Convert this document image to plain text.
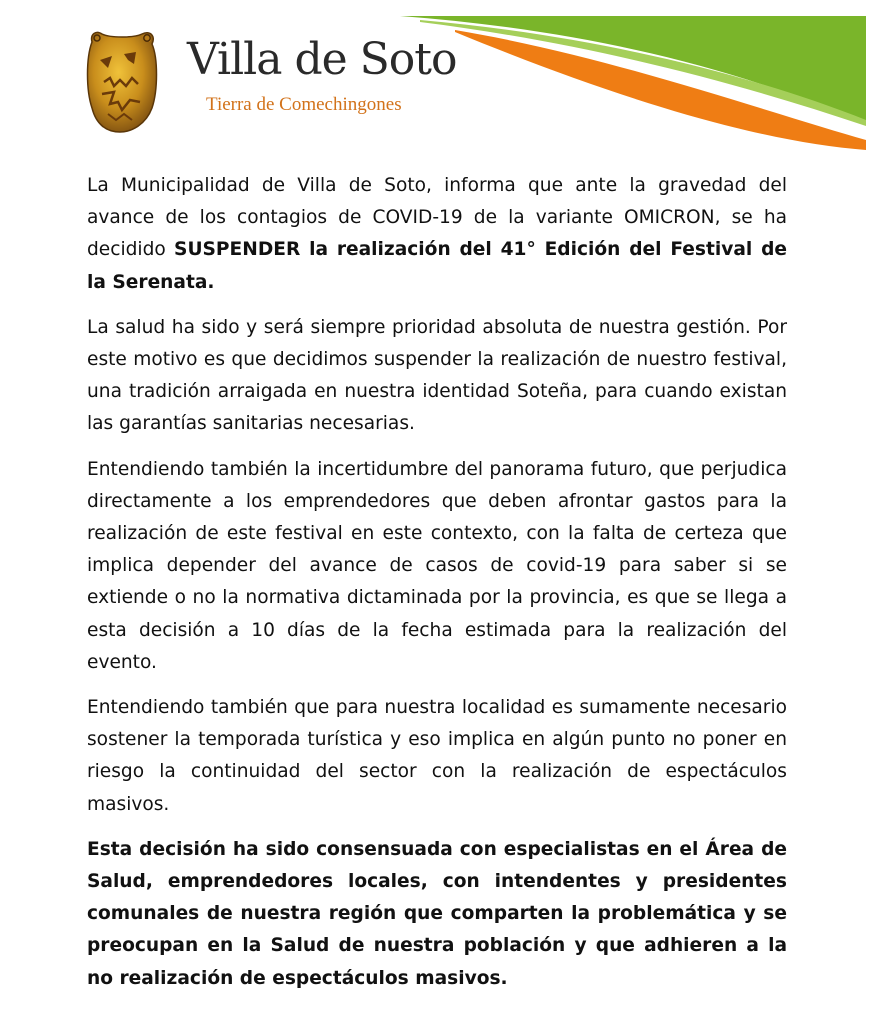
Villa de Soto
Tierra de Comechingones

La Municipalidad de Villa de Soto, informa que ante la gravedad del avance de los contagios de COVID-19 de la variante OMICRON, se ha decidido SUSPENDER la realización del 41° Edición del Festival de la Serenata.

La salud ha sido y será siempre prioridad absoluta de nuestra gestión. Por este motivo es que decidimos suspender la realización de nuestro festival, una tradición arraigada en nuestra identidad Soteña, para cuando existan las garantías sanitarias necesarias.

Entendiendo también la incertidumbre del panorama futuro, que perjudica directamente a los emprendedores que deben afrontar gastos para la realización de este festival en este contexto, con la falta de certeza que implica depender del avance de casos de covid-19 para saber si se extiende o no la normativa dictaminada por la provincia, es que se llega a esta decisión a 10 días de la fecha estimada para la realización del evento.

Entendiendo también que para nuestra localidad es sumamente necesario sostener la temporada turística y eso implica en algún punto no poner en riesgo la continuidad del sector con la realización de espectáculos masivos.

Esta decisión ha sido consensuada con especialistas en el Área de Salud, emprendedores locales, con intendentes y presidentes comunales de nuestra región que comparten la problemática y se preocupan en la Salud de nuestra población y que adhieren a la no realización de espectáculos masivos.
